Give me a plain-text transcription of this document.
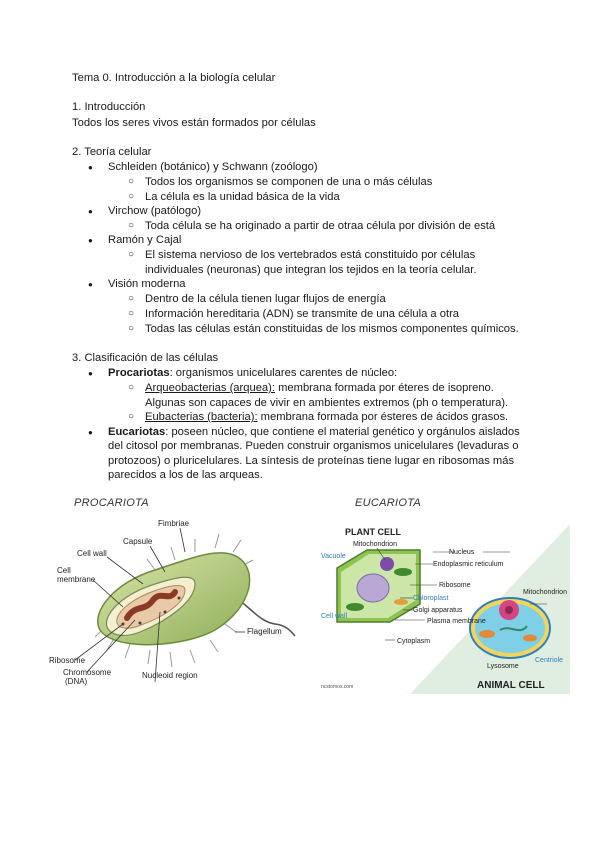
Tema 0. Introducción a la biología celular
1. Introducción
Todos los seres vivos están formados por células
2. Teoría celular
● Schleiden (botánico) y Schwann (zoólogo)
○ Todos los organismos se componen de una o más células
○ La célula es la unidad básica de la vida
● Virchow (patólogo)
○ Toda célula se ha originado a partir de otraa célula por división de está
● Ramón y Cajal
○ El sistema nervioso de los vertebrados está constituido por células
individuales (neuronas) que integran los tejidos en la teoría celular.
● Visión moderna
○ Dentro de la célula tienen lugar flujos de energía
○ Información hereditaria (ADN) se transmite de una célula a otra
○ Todas las células están constituidas de los mismos componentes químicos.
3. Clasificación de las células
● Procariotas: organismos unicelulares carentes de núcleo:
○ Arqueobacterias (arquea): membrana formada por éteres de isopreno.
Algunas son capaces de vivir en ambientes extremos (ph o temperatura).
○ Eubacterias (bacteria): membrana formada por ésteres de ácidos grasos.
● Eucariotas: poseen núcleo, que contiene el material genético y orgánulos aislados
del citosol por membranas. Pueden construir organismos unicelulares (levaduras o
protozoos) o pluricelulares. La síntesis de proteínas tiene lugar en ribosomas más
parecidos a los de las arqueas.
PROCARIOTA	EUCARIOTA
Fimbriae
Capsule
Cell wall
Cell
membrane
Flagellum
Ribosome
Chromosome
(DNA)
Nucleoid region
PLANT CELL
Mitochondrion
Vacuole
Nucleus
Endoplasmic reticulum
Ribosome
Chloroplast
Golgi apparatus
Plasma membrane
Cytoplasm
Cell wall
Mitochondrion
Lysosome
Centriole
ANIMAL CELL
ncstomos.com
